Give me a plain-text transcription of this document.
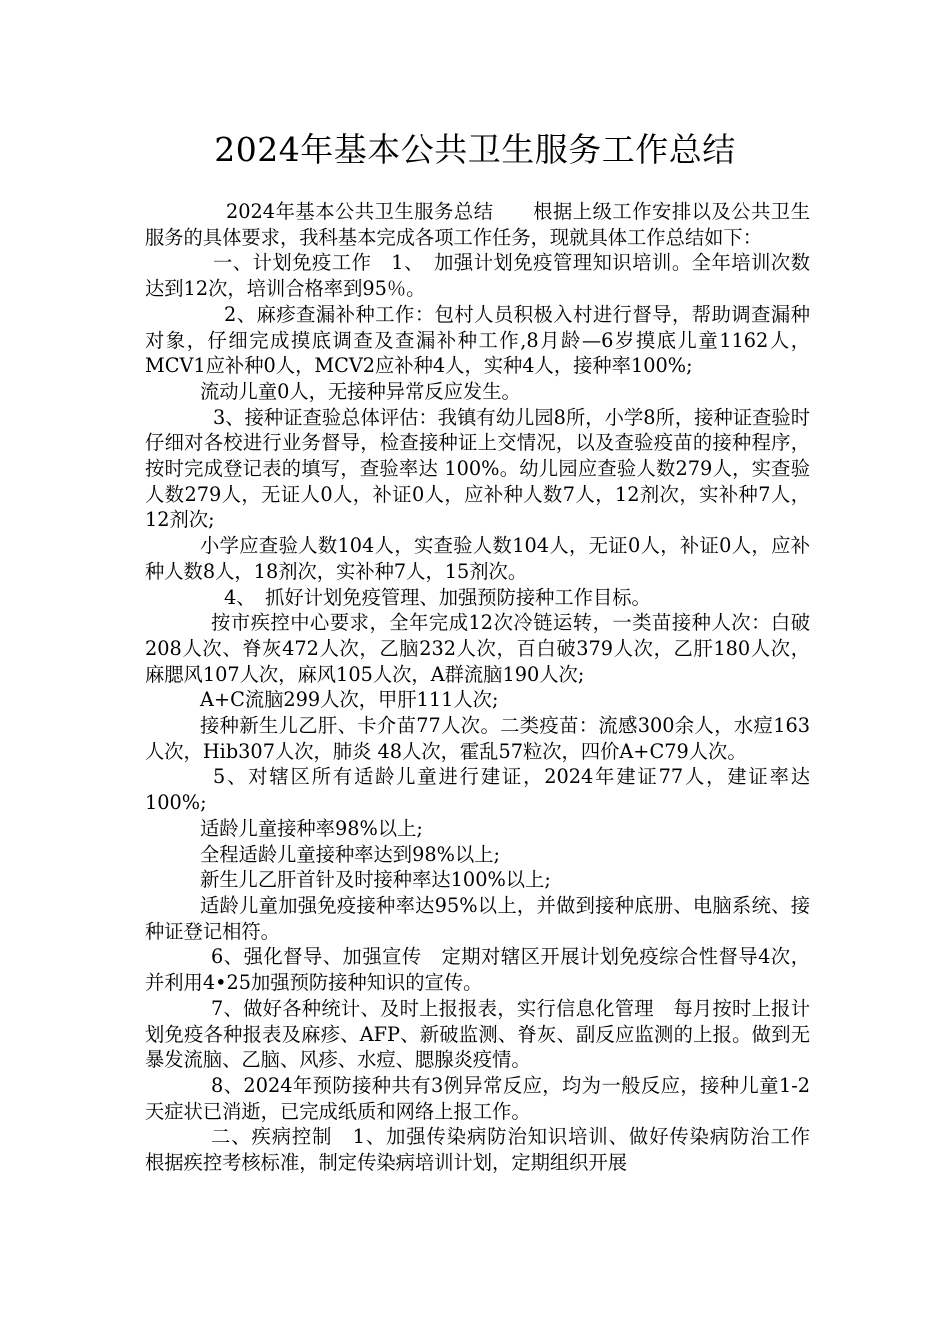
2024年基本公共卫生服务工作总结

2024年基本公共卫生服务总结　　根据上级工作安排以及公共卫生服务的具体要求，我科基本完成各项工作任务，现就具体工作总结如下：

一、计划免疫工作　1、　加强计划免疫管理知识培训。全年培训次数达到12次，培训合格率到95％。

2、麻疹查漏补种工作：包村人员积极入村进行督导，帮助调查漏种对象，仔细完成摸底调查及查漏补种工作,8月龄—6岁摸底儿童1162人，MCV1应补种0人，MCV2应补种4人，实种4人，接种率100%;

流动儿童0人，无接种异常反应发生。

3、接种证查验总体评估：我镇有幼儿园8所，小学8所，接种证查验时仔细对各校进行业务督导，检查接种证上交情况，以及查验疫苗的接种程序，按时完成登记表的填写，查验率达 100%。幼儿园应查验人数279人，实查验人数279人，无证人0人，补证0人，应补种人数7人，12剂次，实补种7人，12剂次;

小学应查验人数104人，实查验人数104人，无证0人，补证0人，应补种人数8人，18剂次，实补种7人，15剂次。

4、　抓好计划免疫管理、加强预防接种工作目标。

按市疾控中心要求，全年完成12次冷链运转，一类苗接种人次：白破208人次、脊灰472人次，乙脑232人次，百白破379人次，乙肝180人次，麻腮风107人次，麻风105人次，A群流脑190人次;

A+C流脑299人次，甲肝111人次;

接种新生儿乙肝、卡介苗77人次。二类疫苗：流感300余人，水痘163人次，Hib307人次，肺炎 48人次，霍乱57粒次，四价A+C79人次。

5、对辖区所有适龄儿童进行建证，2024年建证77人，建证率达100%;

适龄儿童接种率98%以上;

全程适龄儿童接种率达到98%以上;

新生儿乙肝首针及时接种率达100%以上;

适龄儿童加强免疫接种率达95%以上，并做到接种底册、电脑系统、接种证登记相符。

6、强化督导、加强宣传　定期对辖区开展计划免疫综合性督导4次，并利用4•25加强预防接种知识的宣传。

7、做好各种统计、及时上报报表，实行信息化管理　每月按时上报计划免疫各种报表及麻疹、AFP、新破监测、脊灰、副反应监测的上报。做到无暴发流脑、乙脑、风疹、水痘、腮腺炎疫情。

8、2024年预防接种共有3例异常反应，均为一般反应，接种儿童1-2天症状已消逝，已完成纸质和网络上报工作。

二、疾病控制　1、加强传染病防治知识培训、做好传染病防治工作　根据疾控考核标准，制定传染病培训计划，定期组织开展
